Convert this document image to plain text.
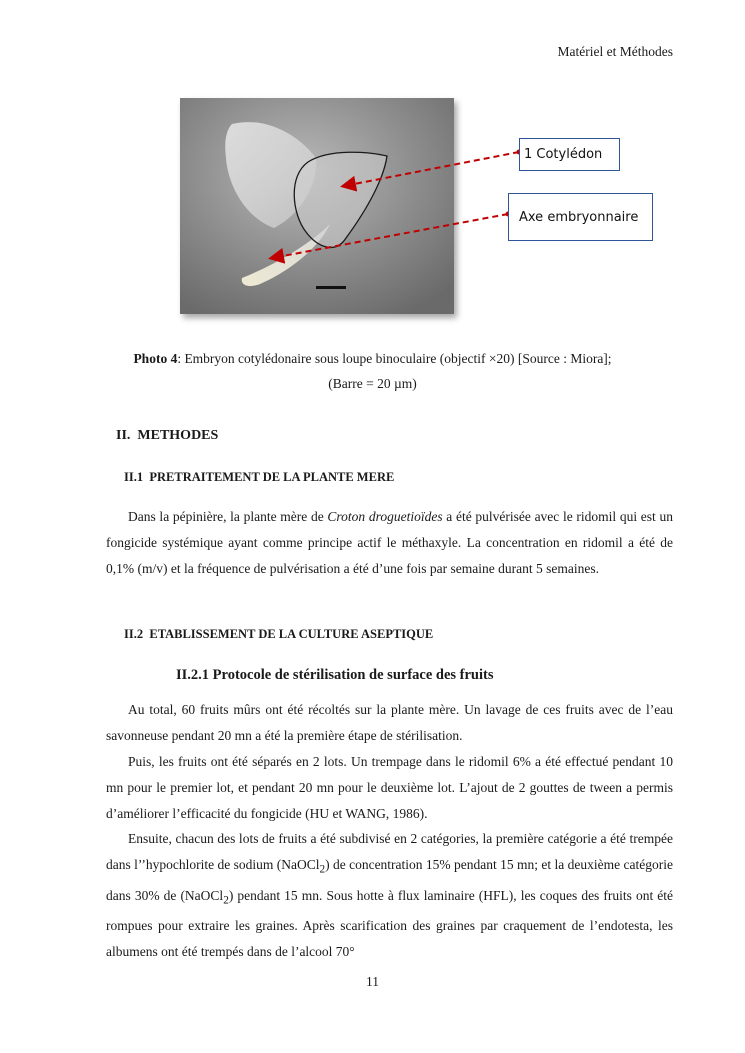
Matériel et Méthodes
1 Cotylédon
Axe embryonnaire
Photo 4: Embryon cotylédonaire sous loupe binoculaire (objectif ×20) [Source : Miora];
(Barre = 20 µm)
II. METHODES
II.1 PRETRAITEMENT DE LA PLANTE MERE
Dans la pépinière, la plante mère de Croton droguetioïdes a été pulvérisée avec le ridomil qui est un fongicide systémique ayant comme principe actif le méthaxyle. La concentration en ridomil a été de 0,1% (m/v) et la fréquence de pulvérisation a été d’une fois par semaine durant 5 semaines.
II.2 ETABLISSEMENT DE LA CULTURE ASEPTIQUE
II.2.1 Protocole de stérilisation de surface des fruits
Au total, 60 fruits mûrs ont été récoltés sur la plante mère. Un lavage de ces fruits avec de l’eau savonneuse pendant 20 mn a été la première étape de stérilisation.
Puis, les fruits ont été séparés en 2 lots. Un trempage dans le ridomil 6% a été effectué pendant 10 mn pour le premier lot, et pendant 20 mn pour le deuxième lot. L’ajout de 2 gouttes de tween a permis d’améliorer l’efficacité du fongicide (HU et WANG, 1986).
Ensuite, chacun des lots de fruits a été subdivisé en 2 catégories, la première catégorie a été trempée dans l’’hypochlorite de sodium (NaOCl$_2$) de concentration 15% pendant 15 mn; et la deuxième catégorie dans 30% de (NaOCl$_2$) pendant 15 mn. Sous hotte à flux laminaire (HFL), les coques des fruits ont été rompues pour extraire les graines. Après scarification des graines par craquement de l’endotesta, les albumens ont été trempés dans de l’alcool 70°
11
